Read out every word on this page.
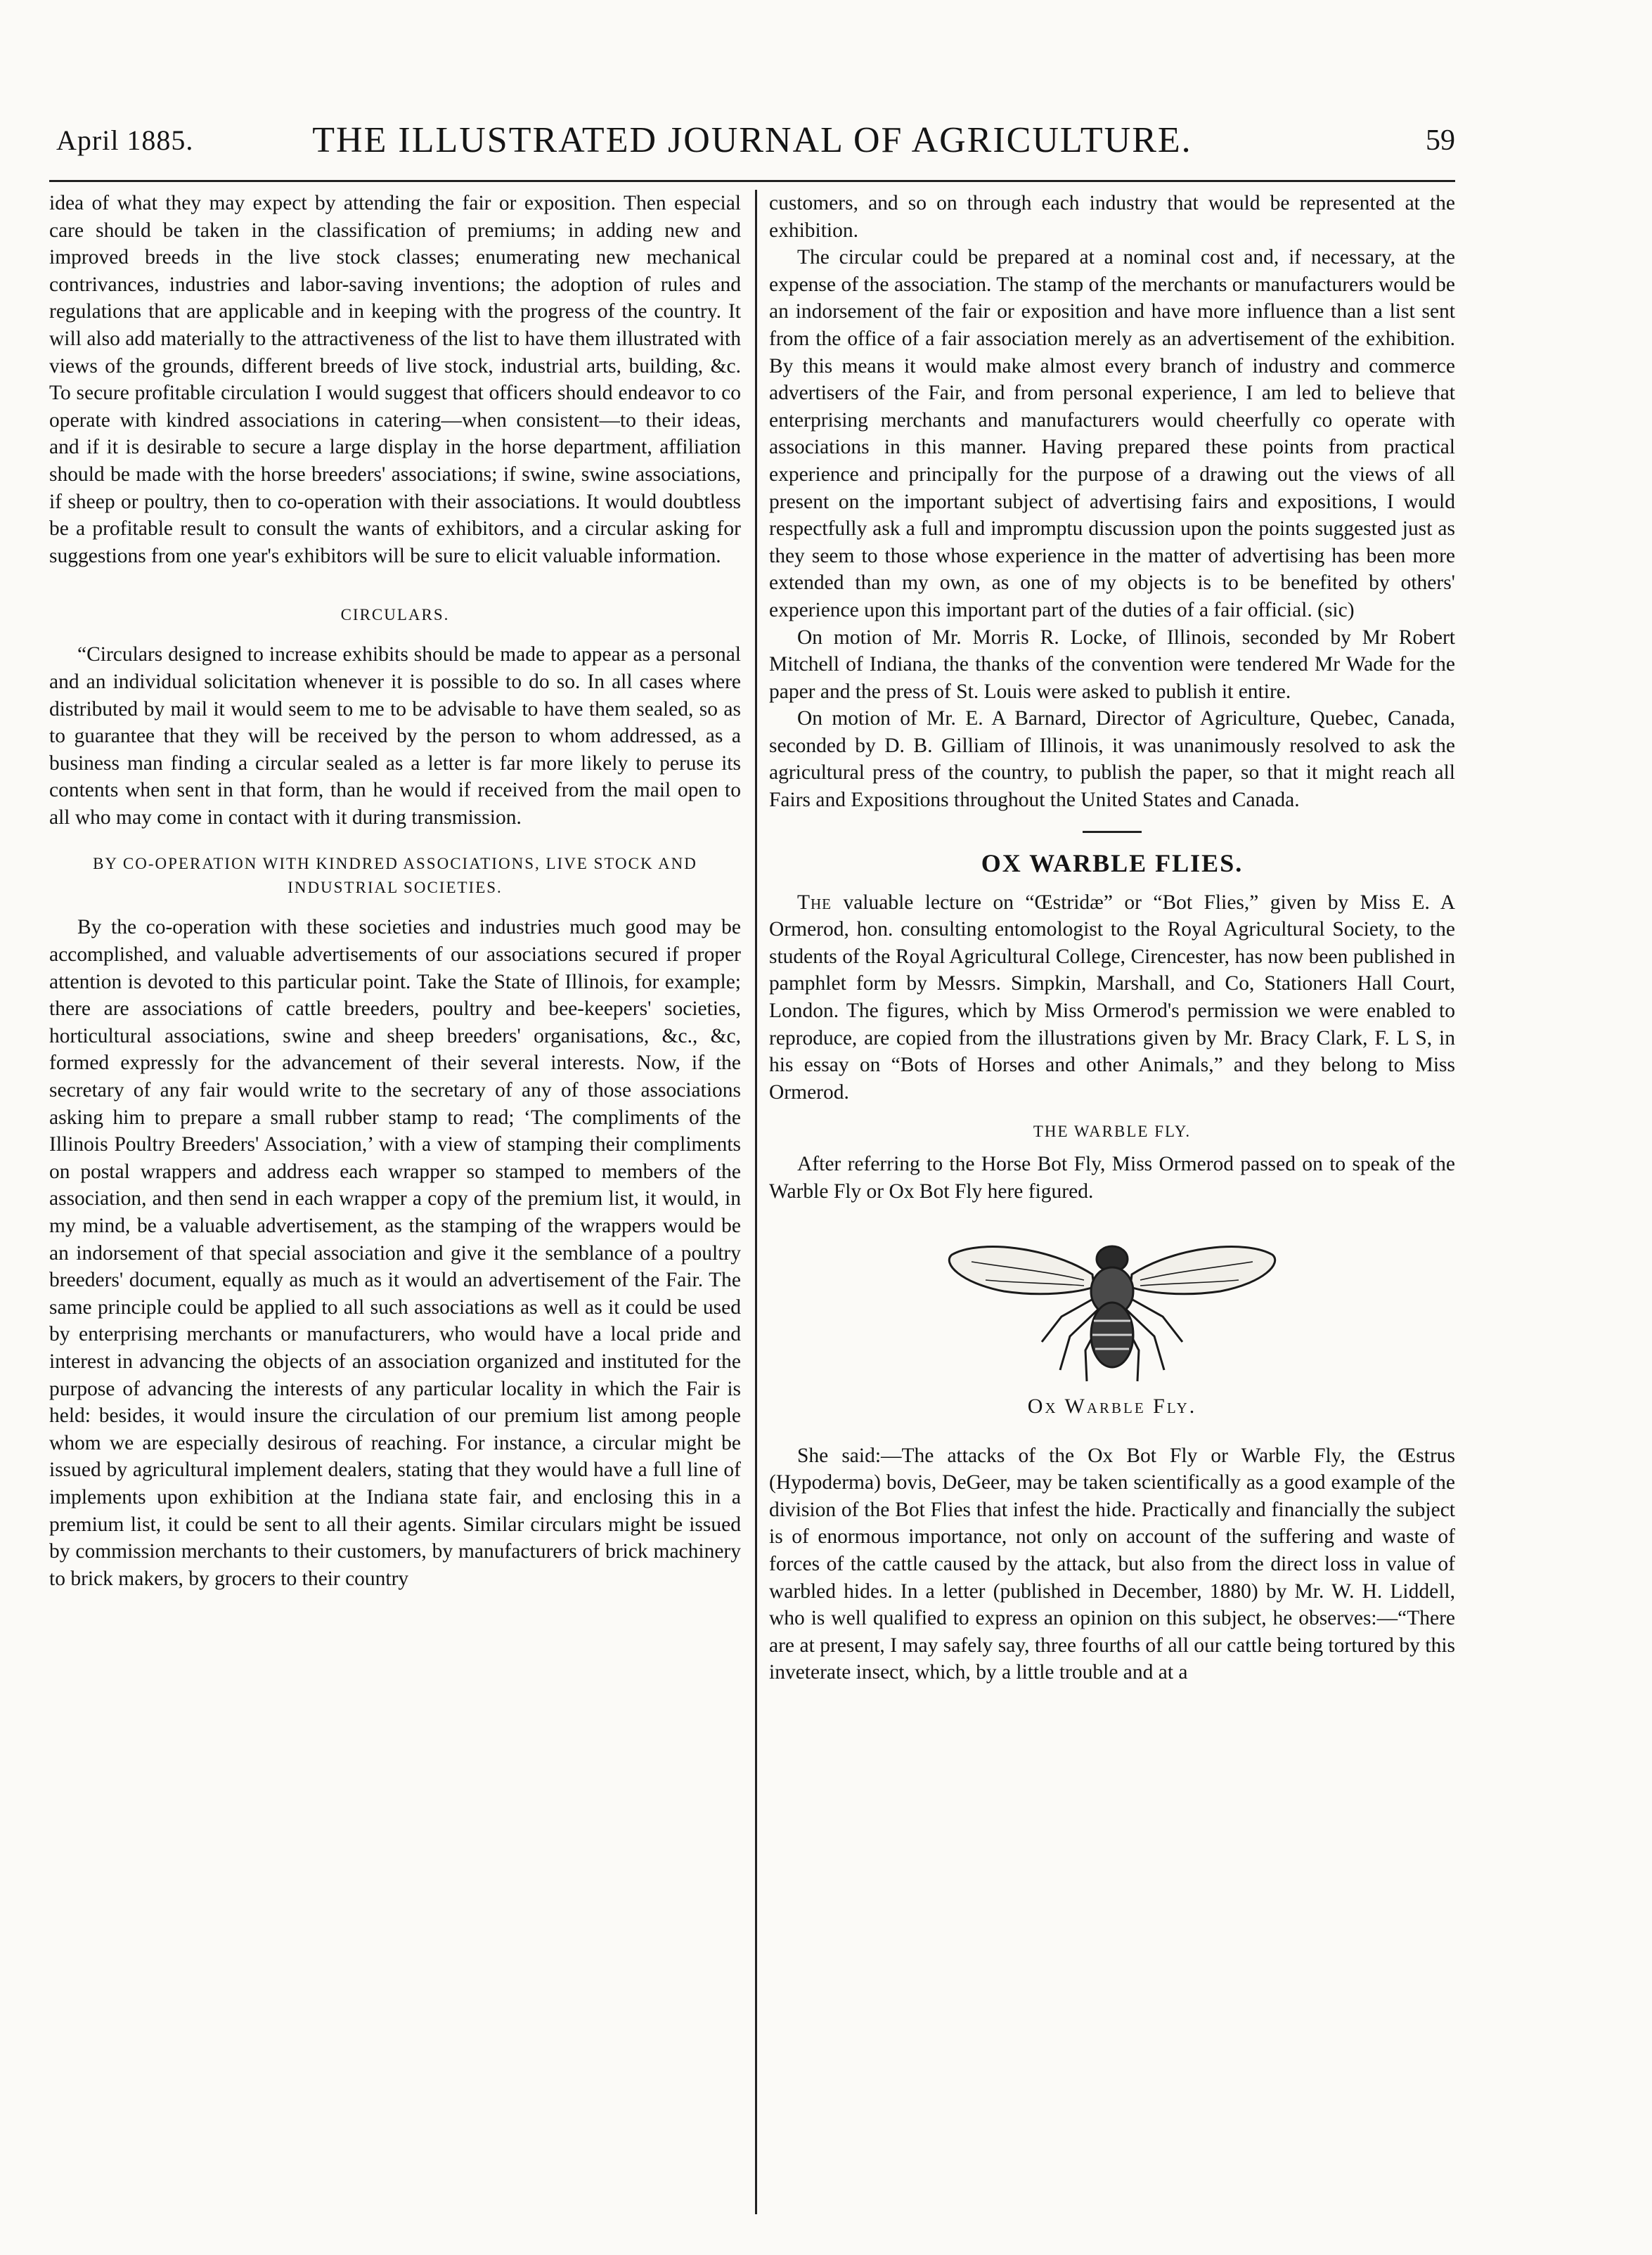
April 1885.	THE ILLUSTRATED JOURNAL OF AGRICULTURE.	59

idea of what they may expect by attending the fair or exposition. Then especial care should be taken in the classification of premiums; in adding new and improved breeds in the live stock classes; enumerating new mechanical contrivances, industries and labor-saving inventions; the adoption of rules and regulations that are applicable and in keeping with the progress of the country. It will also add materially to the attractiveness of the list to have them illustrated with views of the grounds, different breeds of live stock, industrial arts, building, &c. To secure profitable circulation I would suggest that officers should endeavor to co operate with kindred associations in catering—when consistent—to their ideas, and if it is desirable to secure a large display in the horse department, affiliation should be made with the horse breeders' associations; if swine, swine associations, if sheep or poultry, then to co-operation with their associations. It would doubtless be a profitable result to consult the wants of exhibitors, and a circular asking for suggestions from one year's exhibitors will be sure to elicit valuable information.

CIRCULARS.

“Circulars designed to increase exhibits should be made to appear as a personal and an individual solicitation whenever it is possible to do so. In all cases where distributed by mail it would seem to me to be advisable to have them sealed, so as to guarantee that they will be received by the person to whom addressed, as a business man finding a circular sealed as a letter is far more likely to peruse its contents when sent in that form, than he would if received from the mail open to all who may come in contact with it during transmission.

BY CO-OPERATION WITH KINDRED ASSOCIATIONS, LIVE STOCK AND INDUSTRIAL SOCIETIES.

By the co-operation with these societies and industries much good may be accomplished, and valuable advertisements of our associations secured if proper attention is devoted to this particular point. Take the State of Illinois, for example; there are associations of cattle breeders, poultry and bee-keepers' societies, horticultural associations, swine and sheep breeders' organisations, &c., &c, formed expressly for the advancement of their several interests. Now, if the secretary of any fair would write to the secretary of any of those associations asking him to prepare a small rubber stamp to read; ‘The compliments of the Illinois Poultry Breeders' Association,’ with a view of stamping their compliments on postal wrappers and address each wrapper so stamped to members of the association, and then send in each wrapper a copy of the premium list, it would, in my mind, be a valuable advertisement, as the stamping of the wrappers would be an indorsement of that special association and give it the semblance of a poultry breeders' document, equally as much as it would an advertisement of the Fair. The same principle could be applied to all such associations as well as it could be used by enterprising merchants or manufacturers, who would have a local pride and interest in advancing the objects of an association organized and instituted for the purpose of advancing the interests of any particular locality in which the Fair is held: besides, it would insure the circulation of our premium list among people whom we are especially desirous of reaching. For instance, a circular might be issued by agricultural implement dealers, stating that they would have a full line of implements upon exhibition at the Indiana state fair, and enclosing this in a premium list, it could be sent to all their agents. Similar circulars might be issued by commission merchants to their customers, by manufacturers of brick machinery to brick makers, by grocers to their country

customers, and so on through each industry that would be represented at the exhibition.

The circular could be prepared at a nominal cost and, if necessary, at the expense of the association. The stamp of the merchants or manufacturers would be an indorsement of the fair or exposition and have more influence than a list sent from the office of a fair association merely as an advertisement of the exhibition. By this means it would make almost every branch of industry and commerce advertisers of the Fair, and from personal experience, I am led to believe that enterprising merchants and manufacturers would cheerfully co operate with associations in this manner. Having prepared these points from practical experience and principally for the purpose of a drawing out the views of all present on the important subject of advertising fairs and expositions, I would respectfully ask a full and impromptu discussion upon the points suggested just as they seem to those whose experience in the matter of advertising has been more extended than my own, as one of my objects is to be benefited by others' experience upon this important part of the duties of a fair official. (sic)

On motion of Mr. Morris R. Locke, of Illinois, seconded by Mr Robert Mitchell of Indiana, the thanks of the convention were tendered Mr Wade for the paper and the press of St. Louis were asked to publish it entire.

On motion of Mr. E. A Barnard, Director of Agriculture, Quebec, Canada, seconded by D. B. Gilliam of Illinois, it was unanimously resolved to ask the agricultural press of the country, to publish the paper, so that it might reach all Fairs and Expositions throughout the United States and Canada.

OX WARBLE FLIES.

The valuable lecture on “Œstridæ” or “Bot Flies,” given by Miss E. A Ormerod, hon. consulting entomologist to the Royal Agricultural Society, to the students of the Royal Agricultural College, Cirencester, has now been published in pamphlet form by Messrs. Simpkin, Marshall, and Co, Stationers Hall Court, London. The figures, which by Miss Ormerod's permission we were enabled to reproduce, are copied from the illustrations given by Mr. Bracy Clark, F. L S, in his essay on “Bots of Horses and other Animals,” and they belong to Miss Ormerod.

THE WARBLE FLY.

After referring to the Horse Bot Fly, Miss Ormerod passed on to speak of the Warble Fly or Ox Bot Fly here figured.

Ox Warble Fly.

She said:—The attacks of the Ox Bot Fly or Warble Fly, the Œstrus (Hypoderma) bovis, DeGeer, may be taken scientifically as a good example of the division of the Bot Flies that infest the hide. Practically and financially the subject is of enormous importance, not only on account of the suffering and waste of forces of the cattle caused by the attack, but also from the direct loss in value of warbled hides. In a letter (published in December, 1880) by Mr. W. H. Liddell, who is well qualified to express an opinion on this subject, he observes:—“There are at present, I may safely say, three fourths of all our cattle being tortured by this inveterate insect, which, by a little trouble and at a
